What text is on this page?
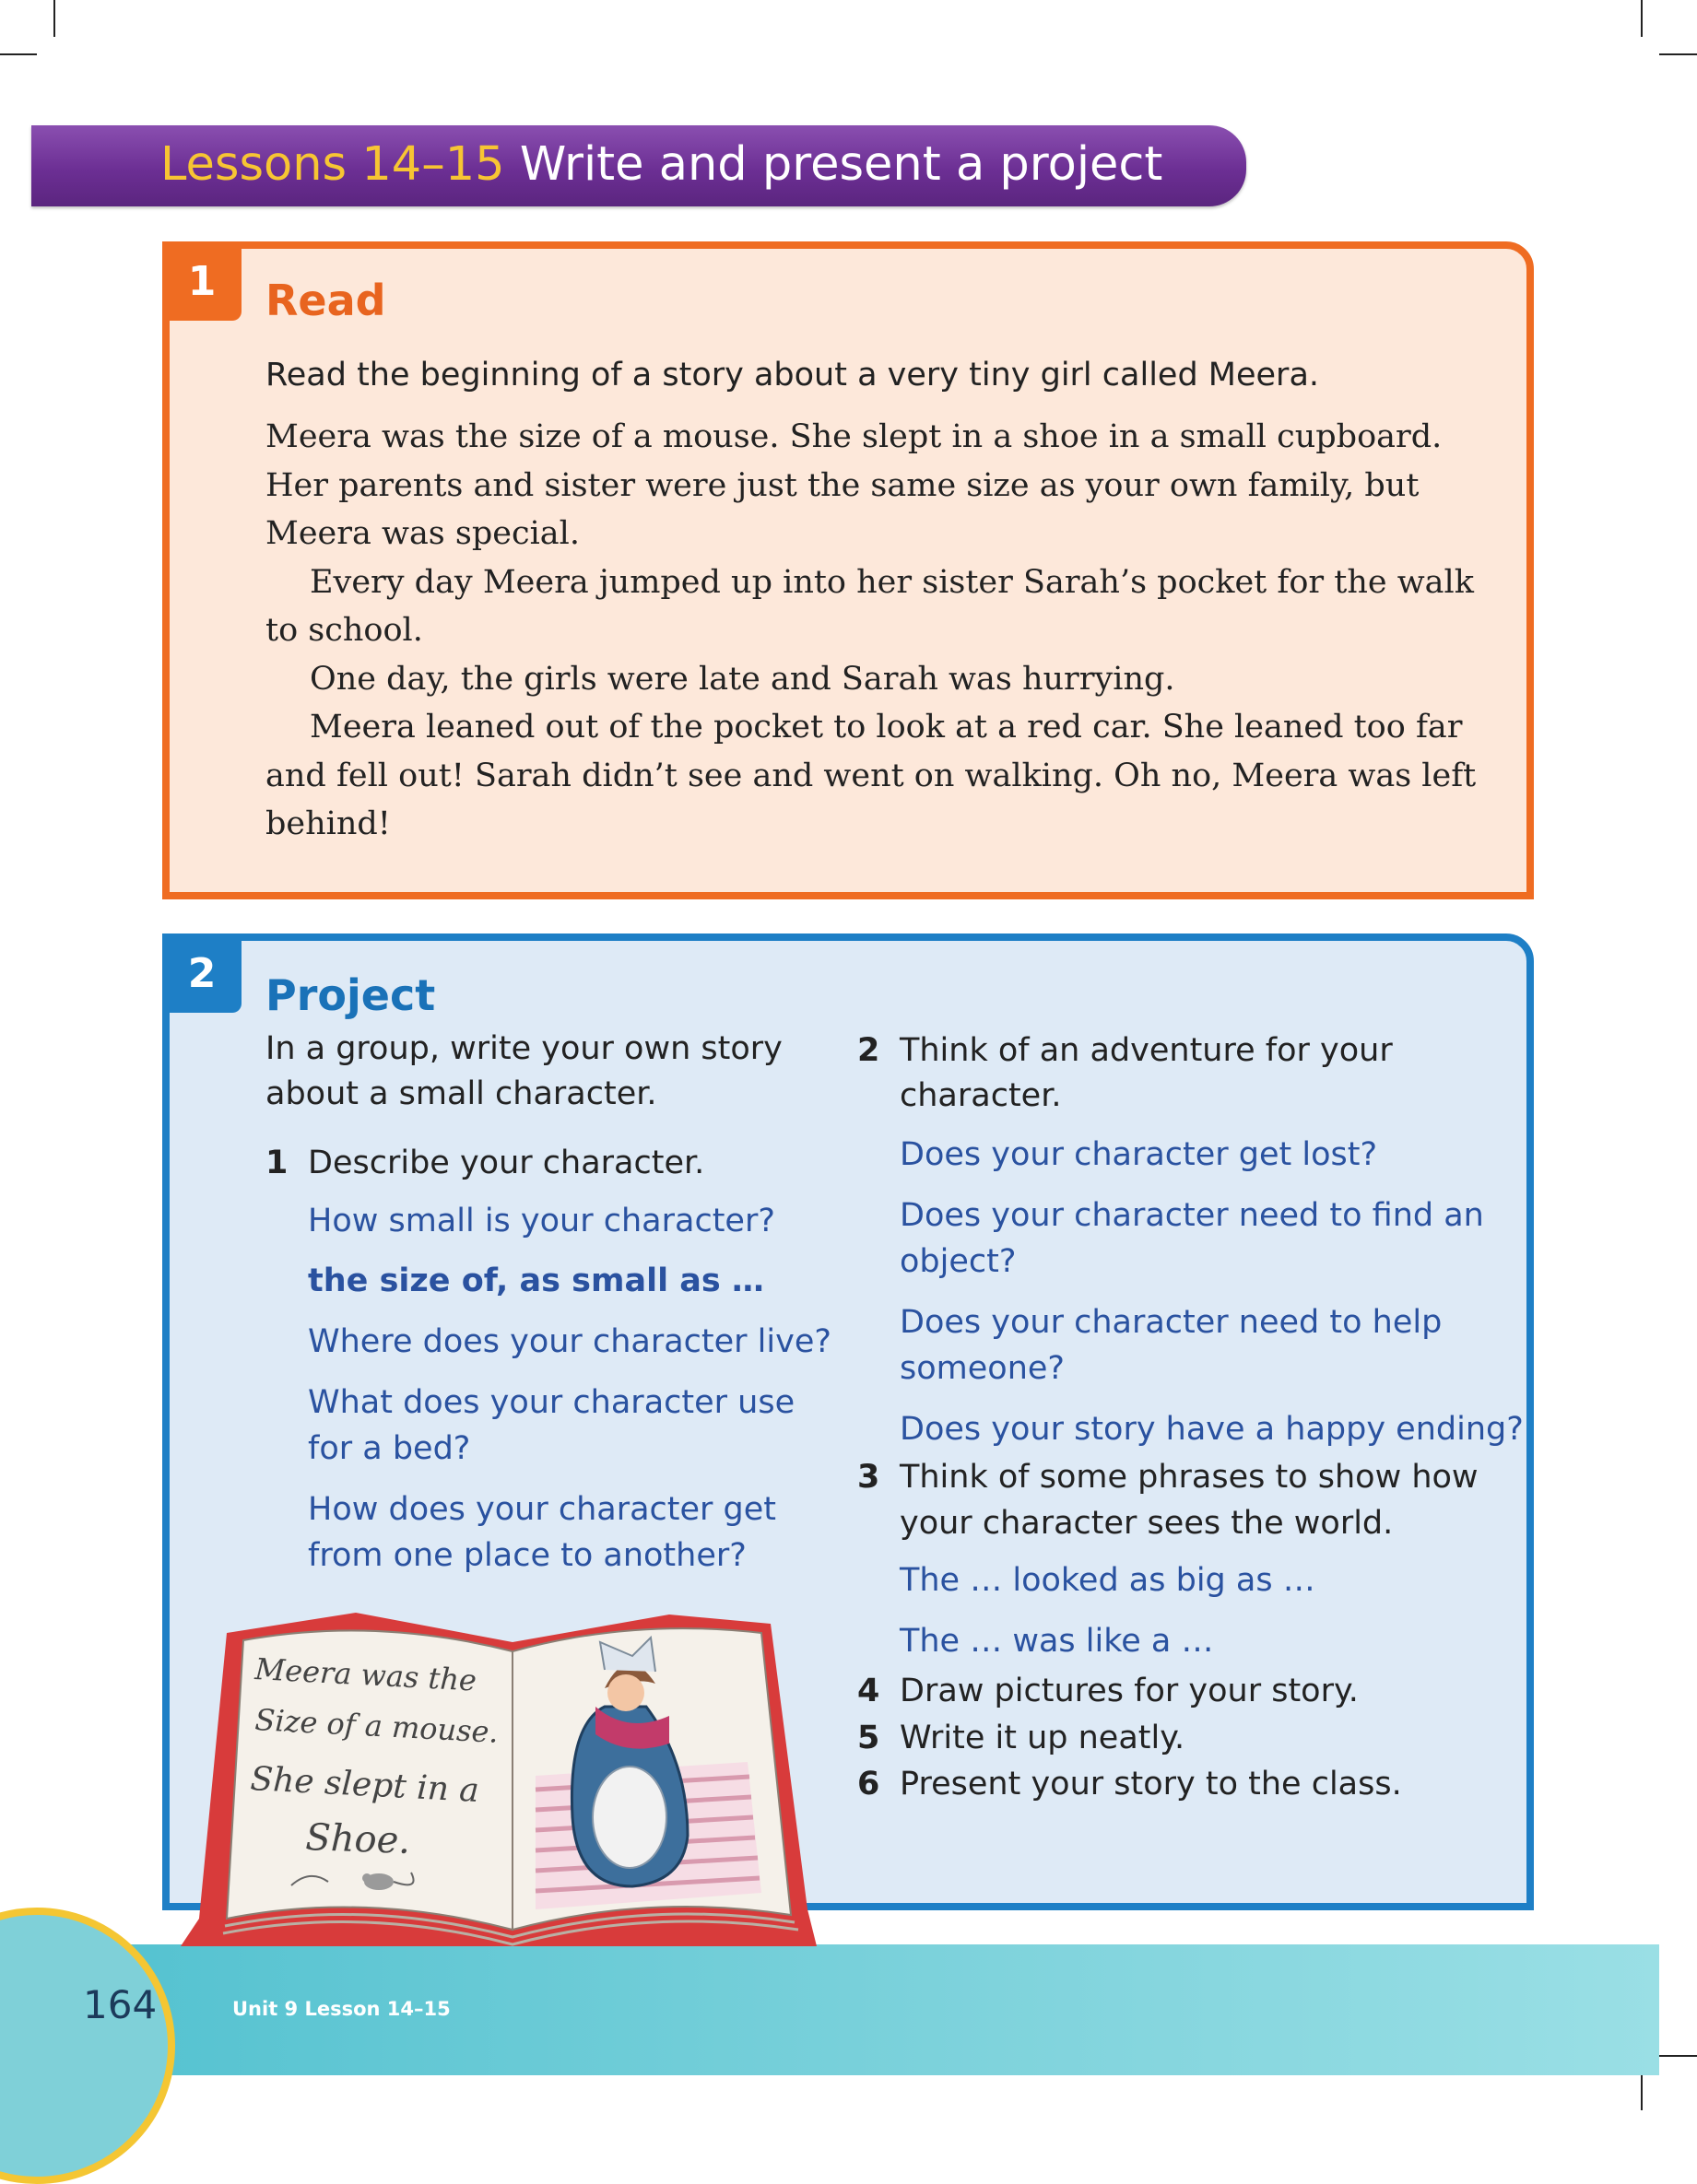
Lessons 14–15 Write and present a project
1	Read

Read the beginning of a story about a very tiny girl called Meera.

Meera was the size of a mouse. She slept in a shoe in a small cupboard. Her parents and sister were just the same size as your own family, but Meera was special.

Every day Meera jumped up into her sister Sarah’s pocket for the walk to school.

One day, the girls were late and Sarah was hurrying.

Meera leaned out of the pocket to look at a red car. She leaned too far and fell out! Sarah didn’t see and went on walking. Oh no, Meera was left behind!

2	Project

In a group, write your own story

about a small character.

1 Describe your character.

How small is your character?

the size of, as small as …

Where does your character live?

What does your character use

for a bed?

How does your character get

from one place to another?

2 Think of an adventure for your

character.

Does your character get lost?

Does your character need to find an

object?

Does your character need to help

someone?

Does your story have a happy ending?

3 Think of some phrases to show how

your character sees the world.

The … looked as big as …

The … was like a …

4 Draw pictures for your story.

5 Write it up neatly.

6 Present your story to the class.

164	Unit 9 Lesson 14–15

Meera was the
Size of a mouse.
She slept in a
Shoe.
